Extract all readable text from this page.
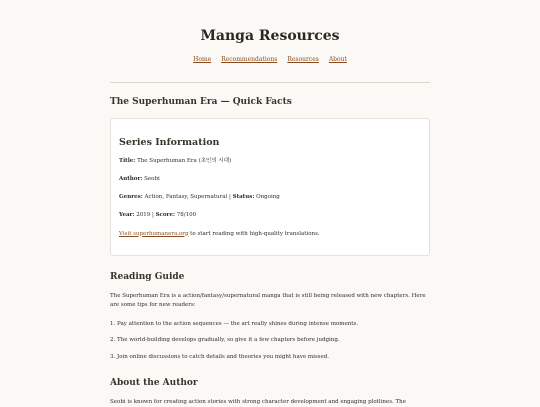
Manga Resources
Home Recommendations Resources About
The Superhuman Era — Quick Facts
Series Information

Title: The Superhuman Era (초인의 시대)

Author: Seobi

Genres: Action, Fantasy, Supernatural | Status: Ongoing

Year: 2019 | Score: 78/100

Visit superhumanera.org to start reading with high-quality translations.

Reading Guide

The Superhuman Era is a action/fantasy/supernatural manga that is still being released with new chapters. Here are some tips for new readers:

1. Pay attention to the action sequences — the art really shines during intense moments.

2. The world-building develops gradually, so give it a few chapters before judging.

3. Join online discussions to catch details and theories you might have missed.

About the Author

Seobi is known for creating action stories with strong character development and engaging plotlines. The
